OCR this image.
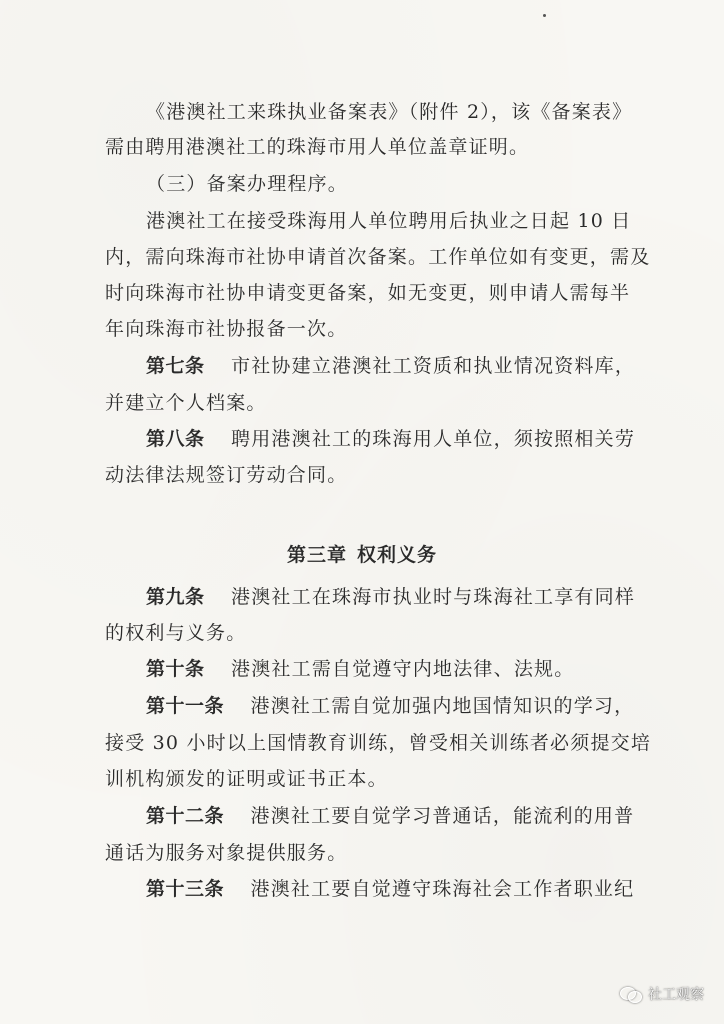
《港澳社工来珠执业备案表》（附件 2），该《备案表》
需由聘用港澳社工的珠海市用人单位盖章证明。
（三）备案办理程序。
港澳社工在接受珠海用人单位聘用后执业之日起 10 日
内，需向珠海市社协申请首次备案。工作单位如有变更，需及
时向珠海市社协申请变更备案，如无变更，则申请人需每半
年向珠海市社协报备一次。
第七条 市社协建立港澳社工资质和执业情况资料库，
并建立个人档案。
第八条 聘用港澳社工的珠海用人单位，须按照相关劳
动法律法规签订劳动合同。
第三章 权利义务
第九条 港澳社工在珠海市执业时与珠海社工享有同样
的权利与义务。
第十条 港澳社工需自觉遵守内地法律、法规。
第十一条 港澳社工需自觉加强内地国情知识的学习，
接受 30 小时以上国情教育训练，曾受相关训练者必须提交培
训机构颁发的证明或证书正本。
第十二条 港澳社工要自觉学习普通话，能流利的用普
通话为服务对象提供服务。
第十三条 港澳社工要自觉遵守珠海社会工作者职业纪
社工观察
